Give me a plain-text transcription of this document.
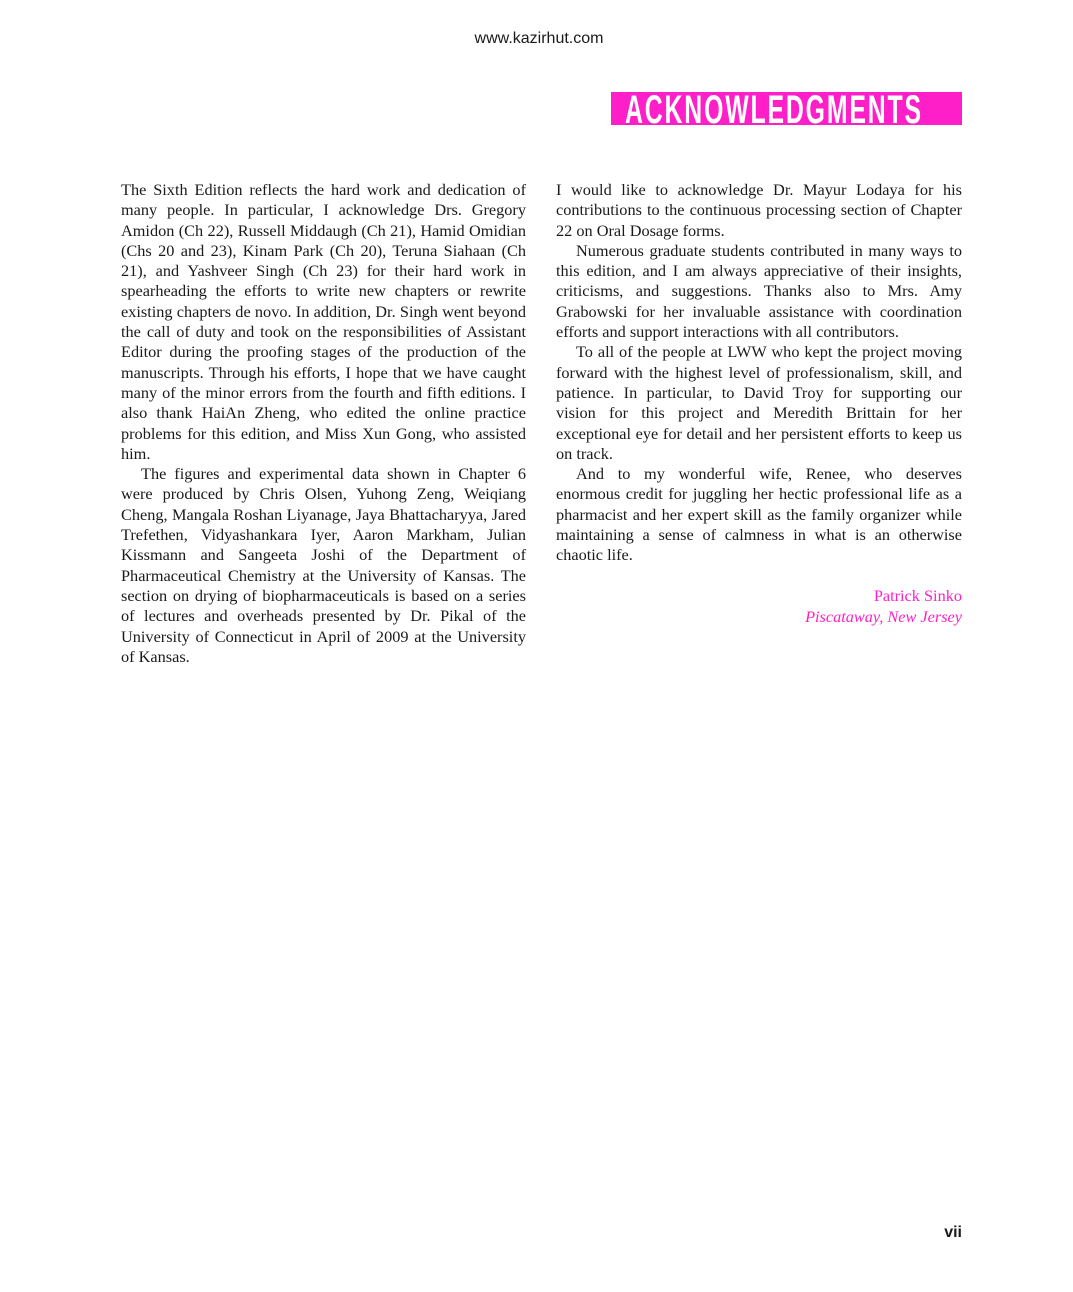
www.kazirhut.com
ACKNOWLEDGMENTS

The Sixth Edition reflects the hard work and dedication of many people. In particular, I acknowledge Drs. Gregory Amidon (Ch 22), Russell Middaugh (Ch 21), Hamid Omidian (Chs 20 and 23), Kinam Park (Ch 20), Teruna Siahaan (Ch 21), and Yashveer Singh (Ch 23) for their hard work in spearheading the efforts to write new chapters or rewrite existing chapters de novo. In addition, Dr. Singh went beyond the call of duty and took on the responsibilities of Assistant Editor during the proofing stages of the production of the manuscripts. Through his efforts, I hope that we have caught many of the minor errors from the fourth and fifth editions. I also thank HaiAn Zheng, who edited the online practice problems for this edition, and Miss Xun Gong, who assisted him.

The figures and experimental data shown in Chapter 6 were produced by Chris Olsen, Yuhong Zeng, Weiqiang Cheng, Mangala Roshan Liyanage, Jaya Bhattacharyya, Jared Trefethen, Vidyashankara Iyer, Aaron Markham, Julian Kissmann and Sangeeta Joshi of the Department of Pharmaceutical Chemistry at the University of Kansas. The section on drying of biopharmaceuticals is based on a series of lectures and overheads presented by Dr. Pikal of the University of Connecticut in April of 2009 at the University of Kansas.

I would like to acknowledge Dr. Mayur Lodaya for his contributions to the continuous processing section of Chapter 22 on Oral Dosage forms.

Numerous graduate students contributed in many ways to this edition, and I am always appreciative of their insights, criticisms, and suggestions. Thanks also to Mrs. Amy Grabowski for her invaluable assistance with coordination efforts and support interactions with all contributors.

To all of the people at LWW who kept the project moving forward with the highest level of professionalism, skill, and patience. In particular, to David Troy for supporting our vision for this project and Meredith Brittain for her exceptional eye for detail and her persistent efforts to keep us on track.

And to my wonderful wife, Renee, who deserves enormous credit for juggling her hectic professional life as a pharmacist and her expert skill as the family organizer while maintaining a sense of calmness in what is an otherwise chaotic life.

Patrick Sinko
Piscataway, New Jersey
vii
